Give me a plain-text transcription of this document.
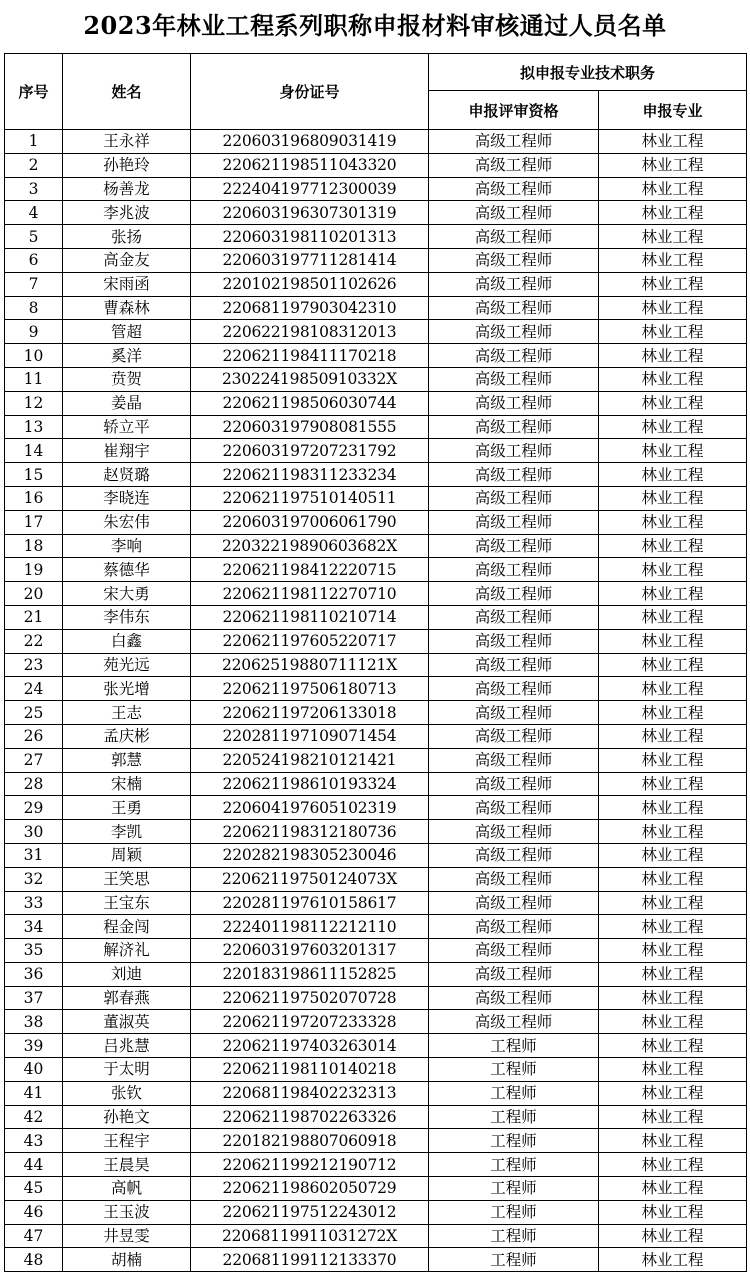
2023年林业工程系列职称申报材料审核通过人员名单
序号	姓名	身份证号	拟申报专业技术职务	
			申报评审资格	申报专业
1	王永祥	220603196809031419	高级工程师	林业工程
2	孙艳玲	220621198511043320	高级工程师	林业工程
3	杨善龙	222404197712300039	高级工程师	林业工程
4	李兆波	220603196307301319	高级工程师	林业工程
5	张扬	220603198110201313	高级工程师	林业工程
6	高金友	220603197711281414	高级工程师	林业工程
7	宋雨函	220102198501102626	高级工程师	林业工程
8	曹森林	220681197903042310	高级工程师	林业工程
9	管超	220622198108312013	高级工程师	林业工程
10	奚洋	220621198411170218	高级工程师	林业工程
11	贲贺	23022419850910332X	高级工程师	林业工程
12	姜晶	220621198506030744	高级工程师	林业工程
13	轿立平	220603197908081555	高级工程师	林业工程
14	崔翔宇	220603197207231792	高级工程师	林业工程
15	赵贤璐	220621198311233234	高级工程师	林业工程
16	李晓连	220621197510140511	高级工程师	林业工程
17	朱宏伟	220603197006061790	高级工程师	林业工程
18	李响	22032219890603682X	高级工程师	林业工程
19	蔡德华	220621198412220715	高级工程师	林业工程
20	宋大勇	220621198112270710	高级工程师	林业工程
21	李伟东	220621198110210714	高级工程师	林业工程
22	白鑫	220621197605220717	高级工程师	林业工程
23	苑光远	22062519880711121X	高级工程师	林业工程
24	张光增	220621197506180713	高级工程师	林业工程
25	王志	220621197206133018	高级工程师	林业工程
26	孟庆彬	220281197109071454	高级工程师	林业工程
27	郭慧	220524198210121421	高级工程师	林业工程
28	宋楠	220621198610193324	高级工程师	林业工程
29	王勇	220604197605102319	高级工程师	林业工程
30	李凯	220621198312180736	高级工程师	林业工程
31	周颖	220282198305230046	高级工程师	林业工程
32	王笑思	22062119750124073X	高级工程师	林业工程
33	王宝东	220281197610158617	高级工程师	林业工程
34	程金闯	222401198112212110	高级工程师	林业工程
35	解济礼	220603197603201317	高级工程师	林业工程
36	刘迪	220183198611152825	高级工程师	林业工程
37	郭春燕	220621197502070728	高级工程师	林业工程
38	董淑英	220621197207233328	高级工程师	林业工程
39	吕兆慧	220621197403263014	工程师	林业工程
40	于太明	220621198110140218	工程师	林业工程
41	张钦	220681198402232313	工程师	林业工程
42	孙艳文	220621198702263326	工程师	林业工程
43	王程宇	220182198807060918	工程师	林业工程
44	王晨昊	220621199212190712	工程师	林业工程
45	高帆	220621198602050729	工程师	林业工程
46	王玉波	220621197512243012	工程师	林业工程
47	井昱雯	22068119911031272X	工程师	林业工程
48	胡楠	220681199112133370	工程师	林业工程
